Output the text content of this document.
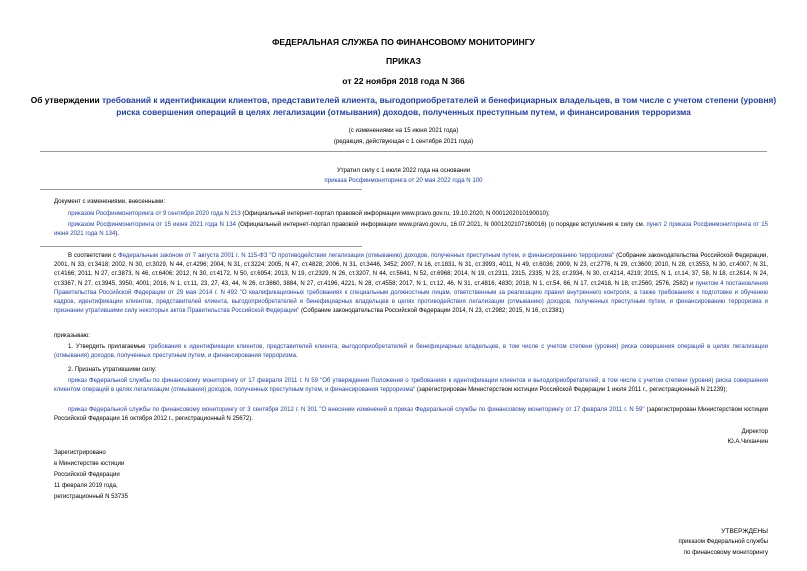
ФЕДЕРАЛЬНАЯ СЛУЖБА ПО ФИНАНСОВОМУ МОНИТОРИНГУ
ПРИКАЗ
от 22 ноября 2018 года N 366
Об утверждении требований к идентификации клиентов, представителей клиента, выгодоприобретателей и бенефициарных владельцев, в том числе с учетом степени (уровня) риска совершения операций в целях легализации (отмывания) доходов, полученных преступным путем, и финансирования терроризма
(с изменениями на 15 июня 2021 года)
(редакция, действующая с 1 сентября 2021 года)
Утратил силу с 1 июля 2022 года на основании
приказа Росфинмониторинга от 20 мая 2022 года N 100
Документ с изменениями, внесенными:
приказом Росфинмониторинга от 9 сентября 2020 года N 213 (Официальный интернет-портал правовой информации www.pravo.gov.ru, 19.10.2020, N 0001202010190010);
приказом Росфинмониторинга от 15 июня 2021 года N 134 (Официальный интернет-портал правовой информации www.pravo.gov.ru, 16.07.2021, N 0001202107160016) (о порядке вступления в силу см. пункт 2 приказа Росфинмониторинга от 15 июня 2021 года N 134).
В соответствии с Федеральным законом от 7 августа 2001 г. N 115-ФЗ "О противодействии легализации (отмыванию) доходов, полученных преступным путем, и финансированию терроризма" (Собрание законодательства Российской Федерации, 2001, N 33, ст.3418; 2002, N 30, ст.3029, N 44, ст.4296; 2004, N 31, ст.3224; 2005, N 47, ст.4828; 2006, N 31, ст.3446, 3452; 2007, N 16, ст.1831, N 31, ст.3993, 4011, N 49, ст.6036; 2009, N 23, ст.2776, N 29, ст.3600; 2010, N 28, ст.3553, N 30, ст.4007, N 31, ст.4166; 2011, N 27, ст.3873, N 46, ст.6406; 2012, N 30, ст.4172, N 50, ст.6954; 2013, N 19, ст.2329, N 26, ст.3207, N 44, ст.5641, N 52, ст.6968; 2014, N 19, ст.2311, 2315, 2335, N 23, ст.2934, N 30, ст.4214, 4219; 2015, N 1, ст.14, 37, 58, N 18, ст.2614, N 24, ст.3367, N 27, ст.3945, 3950, 4001; 2016, N 1, ст.11, 23, 27, 43, 44, N 26, ст.3860, 3884, N 27, ст.4196, 4221, N 28, ст.4558; 2017, N 1, ст.12, 46, N 31, ст.4816, 4830; 2018, N 1, ст.54, 66, N 17, ст.2418, N 18, ст.2560, 2576, 2582) и пунктом 4 постановления Правительства Российской Федерации от 29 мая 2014 г. N 492 "О квалификационных требованиях к специальным должностным лицам, ответственным за реализацию правил внутреннего контроля, а также требованиях к подготовке и обучению кадров, идентификации клиентов, представителей клиента, выгодоприобретателей и бенефициарных владельцев в целях противодействия легализации (отмыванию) доходов, полученных преступным путем, и финансированию терроризма и признании утратившими силу некоторых актов Правительства Российской Федерации" (Собрание законодательства Российской Федерации 2014, N 23, ст.2982; 2015, N 16, ст.2381)
приказываю:
1. Утвердить прилагаемые требования к идентификации клиентов, представителей клиента, выгодоприобретателей и бенефициарных владельцев, в том числе с учетом степени (уровня) риска совершения операций в целях легализации (отмывания) доходов, полученных преступным путем, и финансирования терроризма.
2. Признать утратившими силу:
приказ Федеральной службы по финансовому мониторингу от 17 февраля 2011 г. N 59 "Об утверждении Положения о требованиях к идентификации клиентов и выгодоприобретателей, в том числе с учетом степени (уровня) риска совершения клиентом операций в целях легализации (отмывания) доходов, полученных преступным путем, и финансирования терроризма" (зарегистрирован Министерством юстиции Российской Федерации 1 июля 2011 г., регистрационный N 21239);
приказ Федеральной службы по финансовому мониторингу от 3 сентября 2012 г. N 301 "О внесении изменений в приказ Федеральной службы по финансовому мониторингу от 17 февраля 2011 г. N 59" (зарегистрирован Министерством юстиции Российской Федерации 16 октября 2012 г., регистрационный N 25672).
Директор
Ю.А.Чиханчин
Зарегистрировано
в Министерстве юстиции
Российской Федерации
11 февраля 2019 года,
регистрационный N 53735
УТВЕРЖДЕНЫ
приказом Федеральной службы
по финансовому мониторингу
